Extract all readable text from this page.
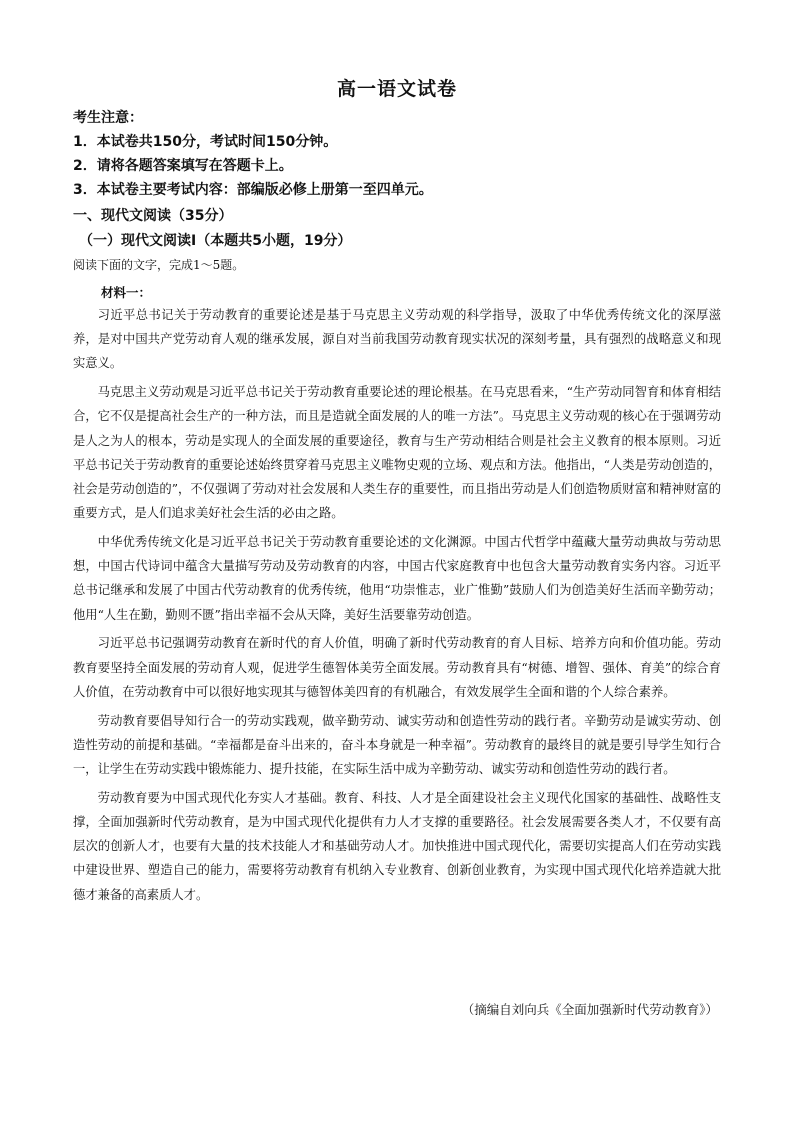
高一语文试卷
考生注意：
1．本试卷共150分，考试时间150分钟。
2．请将各题答案填写在答题卡上。
3．本试卷主要考试内容：部编版必修上册第一至四单元。
一、现代文阅读（35分）
（一）现代文阅读Ⅰ（本题共5小题，19分）
阅读下面的文字，完成1～5题。
材料一：

习近平总书记关于劳动教育的重要论述是基于马克思主义劳动观的科学指导，汲取了中华优秀传统文化的深厚滋养，是对中国共产党劳动育人观的继承发展，源自对当前我国劳动教育现实状况的深刻考量，具有强烈的战略意义和现实意义。

马克思主义劳动观是习近平总书记关于劳动教育重要论述的理论根基。在马克思看来，“生产劳动同智育和体育相结合，它不仅是提高社会生产的一种方法，而且是造就全面发展的人的唯一方法”。马克思主义劳动观的核心在于强调劳动是人之为人的根本，劳动是实现人的全面发展的重要途径，教育与生产劳动相结合则是社会主义教育的根本原则。习近平总书记关于劳动教育的重要论述始终贯穿着马克思主义唯物史观的立场、观点和方法。他指出，“人类是劳动创造的，社会是劳动创造的”，不仅强调了劳动对社会发展和人类生存的重要性，而且指出劳动是人们创造物质财富和精神财富的重要方式，是人们追求美好社会生活的必由之路。

中华优秀传统文化是习近平总书记关于劳动教育重要论述的文化渊源。中国古代哲学中蕴藏大量劳动典故与劳动思想，中国古代诗词中蕴含大量描写劳动及劳动教育的内容，中国古代家庭教育中也包含大量劳动教育实务内容。习近平总书记继承和发展了中国古代劳动教育的优秀传统，他用“功崇惟志，业广惟勤”鼓励人们为创造美好生活而辛勤劳动；他用“人生在勤，勤则不匮”指出幸福不会从天降，美好生活要靠劳动创造。

习近平总书记强调劳动教育在新时代的育人价值，明确了新时代劳动教育的育人目标、培养方向和价值功能。劳动教育要坚持全面发展的劳动育人观，促进学生德智体美劳全面发展。劳动教育具有“树德、增智、强体、育美”的综合育人价值，在劳动教育中可以很好地实现其与德智体美四育的有机融合，有效发展学生全面和谐的个人综合素养。

劳动教育要倡导知行合一的劳动实践观，做辛勤劳动、诚实劳动和创造性劳动的践行者。辛勤劳动是诚实劳动、创造性劳动的前提和基础。“幸福都是奋斗出来的，奋斗本身就是一种幸福”。劳动教育的最终目的就是要引导学生知行合一，让学生在劳动实践中锻炼能力、提升技能，在实际生活中成为辛勤劳动、诚实劳动和创造性劳动的践行者。

劳动教育要为中国式现代化夯实人才基础。教育、科技、人才是全面建设社会主义现代化国家的基础性、战略性支撑，全面加强新时代劳动教育，是为中国式现代化提供有力人才支撑的重要路径。社会发展需要各类人才，不仅要有高层次的创新人才，也要有大量的技术技能人才和基础劳动人才。加快推进中国式现代化，需要切实提高人们在劳动实践中建设世界、塑造自己的能力，需要将劳动教育有机纳入专业教育、创新创业教育，为实现中国式现代化培养造就大批德才兼备的高素质人才。

（摘编自刘向兵《全面加强新时代劳动教育》）
